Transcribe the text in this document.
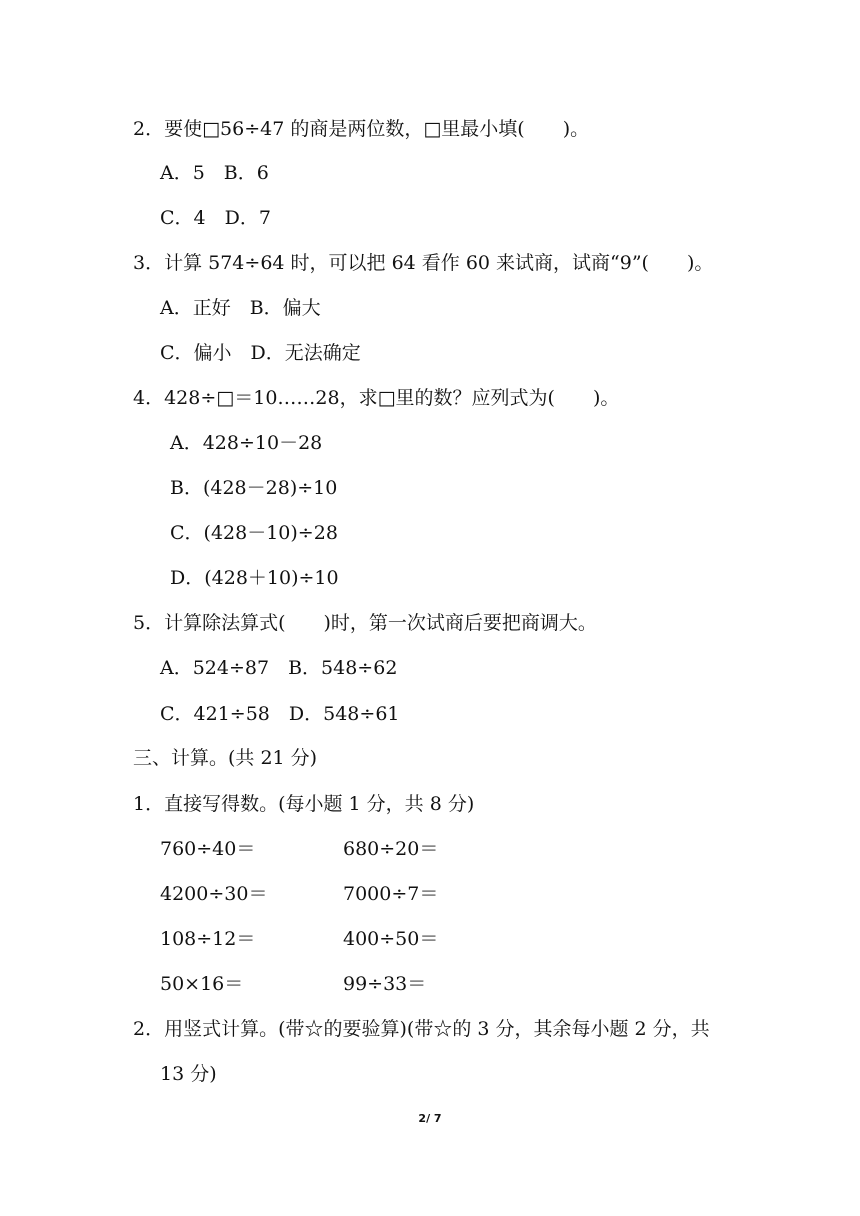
2．要使□56÷47 的商是两位数，□里最小填(　　)。
A．5　B．6
C．4　D．7
3．计算 574÷64 时，可以把 64 看作 60 来试商，试商“9”(　　)。
A．正好　B．偏大
C．偏小　D．无法确定
4．428÷□＝10……28，求□里的数？应列式为(　　)。
A．428÷10－28
B．(428－28)÷10
C．(428－10)÷28
D．(428＋10)÷10
5．计算除法算式(　　)时，第一次试商后要把商调大。
A．524÷87　B．548÷62
C．421÷58　D．548÷61
三、计算。(共 21 分)
1．直接写得数。(每小题 1 分，共 8 分)
760÷40＝	680÷20＝
4200÷30＝	7000÷7＝
108÷12＝	400÷50＝
50×16＝	99÷33＝
2．用竖式计算。(带☆的要验算)(带☆的 3 分，其余每小题 2 分，共
13 分)
2/ 7
